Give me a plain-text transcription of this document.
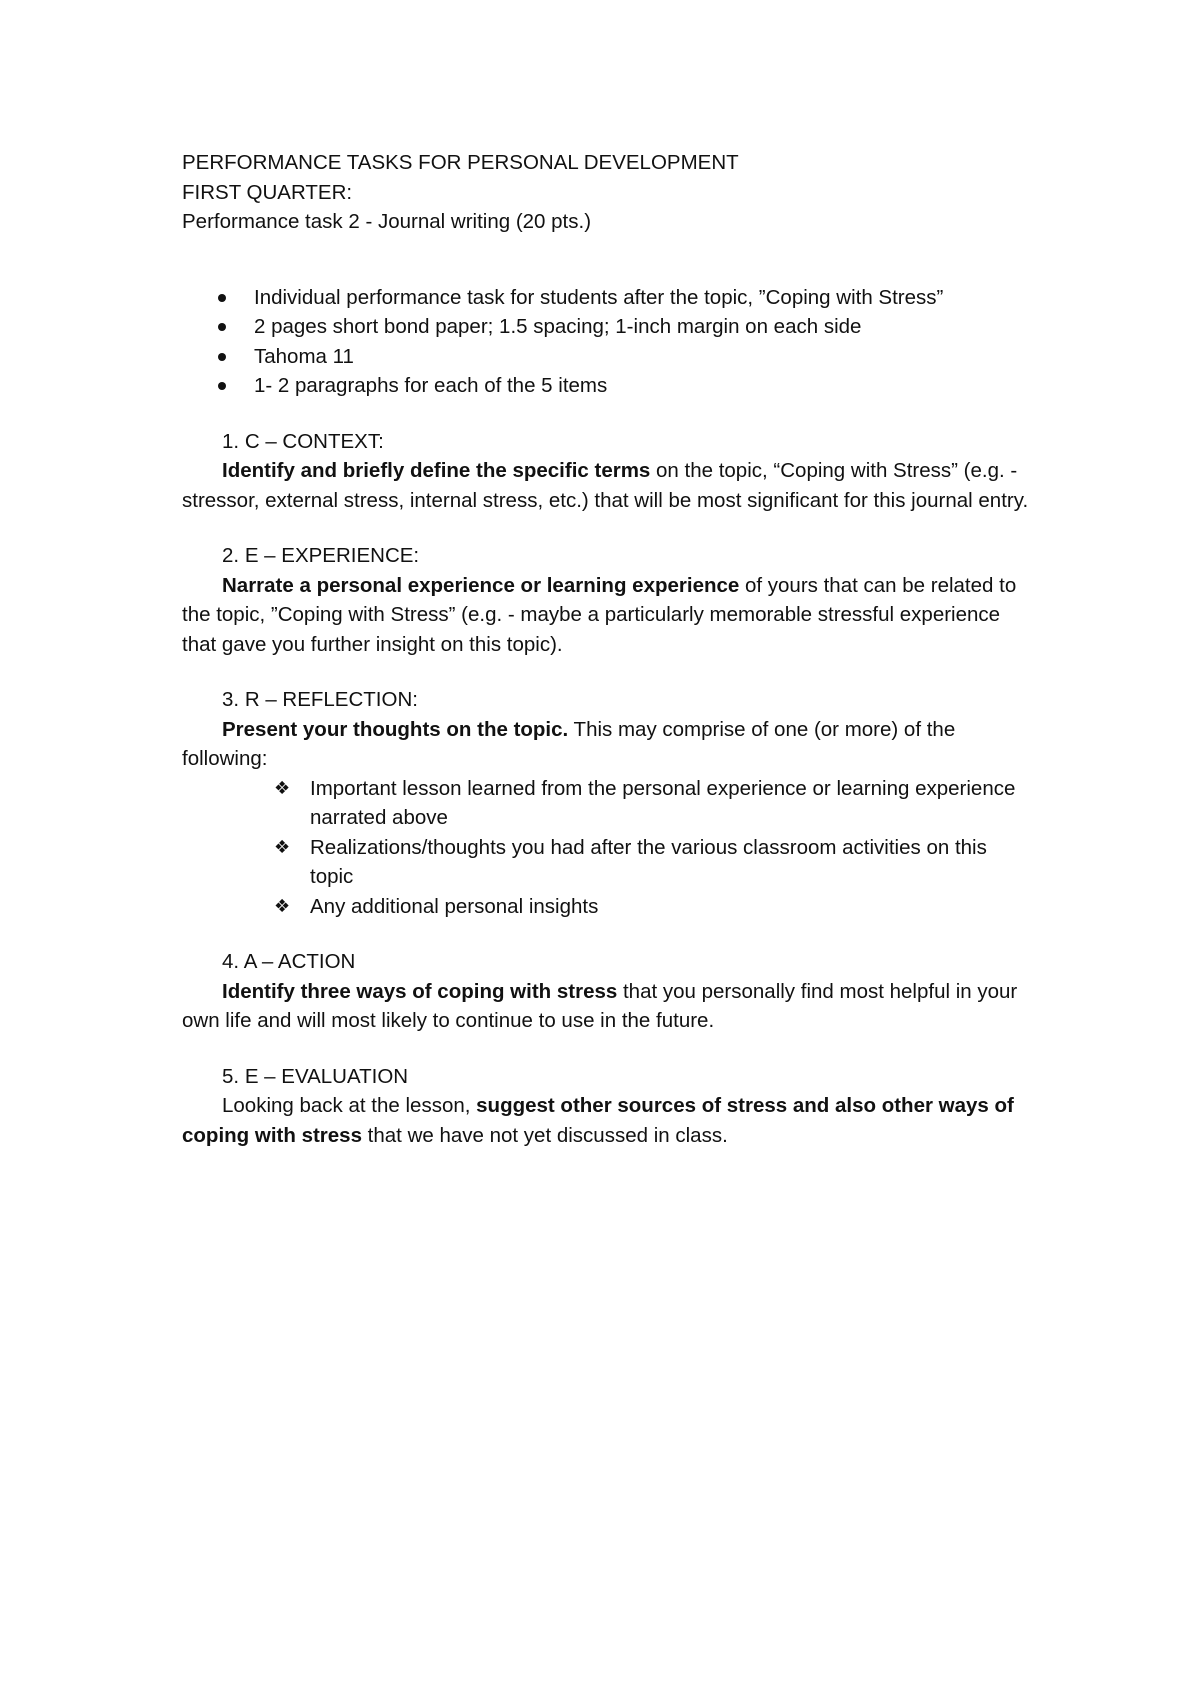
PERFORMANCE TASKS FOR PERSONAL DEVELOPMENT
FIRST QUARTER:
Performance task 2 - Journal writing (20 pts.)
Individual performance task for students after the topic, ”Coping with Stress”
2 pages short bond paper; 1.5 spacing; 1-inch margin on each side
Tahoma 11
1- 2 paragraphs for each of the 5 items
1. C – CONTEXT:
Identify and briefly define the specific terms on the topic, “Coping with Stress” (e.g. - stressor, external stress, internal stress, etc.) that will be most significant for this journal entry.
2. E – EXPERIENCE:
Narrate a personal experience or learning experience of yours that can be related to the topic, ”Coping with Stress” (e.g. - maybe a particularly memorable stressful experience that gave you further insight on this topic).
3. R – REFLECTION:
Present your thoughts on the topic. This may comprise of one (or more) of the following:
❖ Important lesson learned from the personal experience or learning experience narrated above
❖ Realizations/thoughts you had after the various classroom activities on this topic
❖ Any additional personal insights
4. A – ACTION
Identify three ways of coping with stress that you personally find most helpful in your own life and will most likely to continue to use in the future.
5. E – EVALUATION
Looking back at the lesson, suggest other sources of stress and also other ways of coping with stress that we have not yet discussed in class.
